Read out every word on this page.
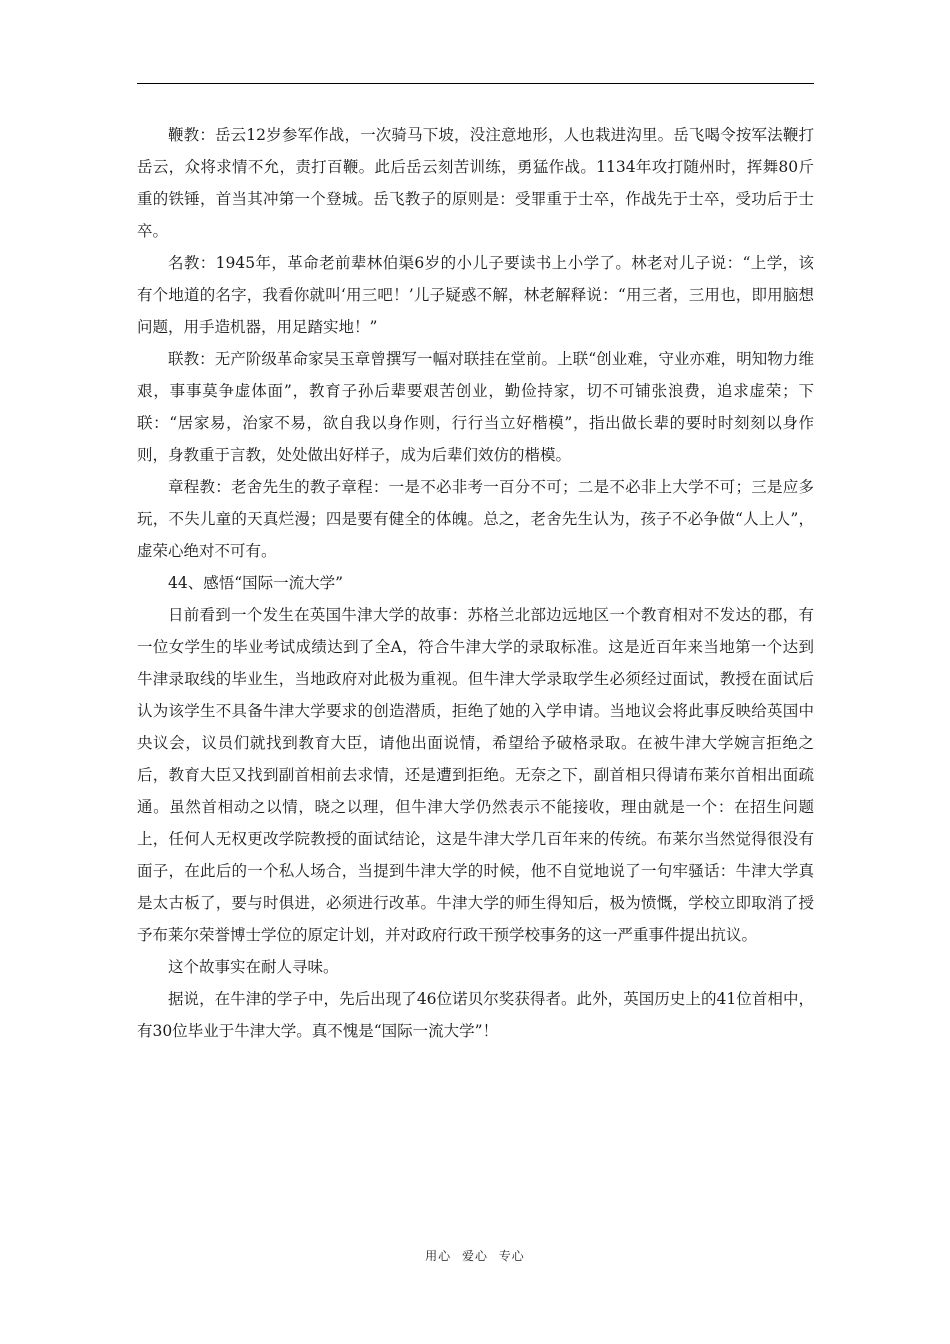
鞭教：岳云12岁参军作战，一次骑马下坡，没注意地形，人也栽进沟里。岳飞喝令按军法鞭打岳云，众将求情不允，责打百鞭。此后岳云刻苦训练，勇猛作战。1134年攻打随州时，挥舞80斤重的铁锤，首当其冲第一个登城。岳飞教子的原则是：受罪重于士卒，作战先于士卒，受功后于士卒。

名教：1945年，革命老前辈林伯渠6岁的小儿子要读书上小学了。林老对儿子说：“上学，该有个地道的名字，我看你就叫‘用三吧！’儿子疑惑不解，林老解释说：“用三者，三用也，即用脑想问题，用手造机器，用足踏实地！”

联教：无产阶级革命家吴玉章曾撰写一幅对联挂在堂前。上联“创业难，守业亦难，明知物力维艰，事事莫争虚体面”，教育子孙后辈要艰苦创业，勤俭持家，切不可铺张浪费，追求虚荣；下联：“居家易，治家不易，欲自我以身作则，行行当立好楷模”，指出做长辈的要时时刻刻以身作则，身教重于言教，处处做出好样子，成为后辈们效仿的楷模。

章程教：老舍先生的教子章程：一是不必非考一百分不可；二是不必非上大学不可；三是应多玩，不失儿童的天真烂漫；四是要有健全的体魄。总之，老舍先生认为，孩子不必争做“人上人”，虚荣心绝对不可有。

44、感悟“国际一流大学”

日前看到一个发生在英国牛津大学的故事：苏格兰北部边远地区一个教育相对不发达的郡，有一位女学生的毕业考试成绩达到了全A，符合牛津大学的录取标准。这是近百年来当地第一个达到牛津录取线的毕业生，当地政府对此极为重视。但牛津大学录取学生必须经过面试，教授在面试后认为该学生不具备牛津大学要求的创造潜质，拒绝了她的入学申请。当地议会将此事反映给英国中央议会，议员们就找到教育大臣，请他出面说情，希望给予破格录取。在被牛津大学婉言拒绝之后，教育大臣又找到副首相前去求情，还是遭到拒绝。无奈之下，副首相只得请布莱尔首相出面疏通。虽然首相动之以情，晓之以理，但牛津大学仍然表示不能接收，理由就是一个：在招生问题上，任何人无权更改学院教授的面试结论，这是牛津大学几百年来的传统。布莱尔当然觉得很没有面子，在此后的一个私人场合，当提到牛津大学的时候，他不自觉地说了一句牢骚话：牛津大学真是太古板了，要与时俱进，必须进行改革。牛津大学的师生得知后，极为愤慨，学校立即取消了授予布莱尔荣誉博士学位的原定计划，并对政府行政干预学校事务的这一严重事件提出抗议。

这个故事实在耐人寻味。

据说，在牛津的学子中，先后出现了46位诺贝尔奖获得者。此外，英国历史上的41位首相中，有30位毕业于牛津大学。真不愧是“国际一流大学”！

用心 爱心 专心
